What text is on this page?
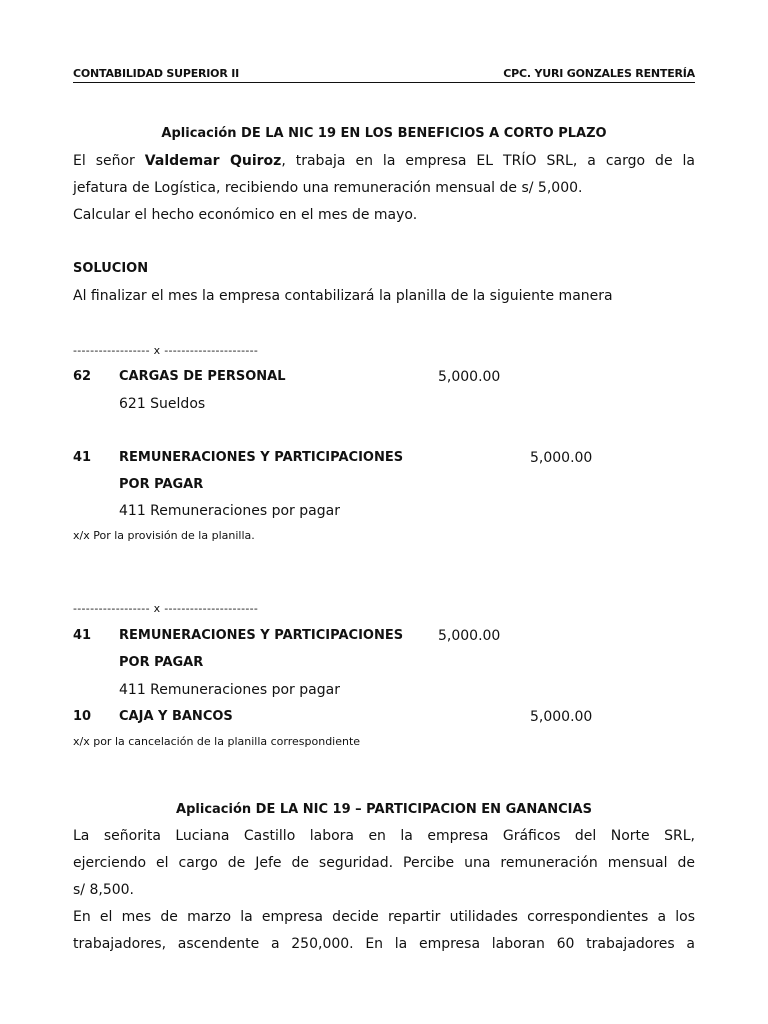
CONTABILIDAD SUPERIOR II	CPC. YURI GONZALES RENTERÍA
Aplicación DE LA NIC 19 EN LOS BENEFICIOS A CORTO PLAZO
El señor Valdemar Quiroz, trabaja en la empresa EL TRÍO SRL, a cargo de la
jefatura de Logística, recibiendo una remuneración mensual de s/ 5,000.
Calcular el hecho económico en el mes de mayo.
SOLUCION
Al finalizar el mes la empresa contabilizará la planilla de la siguiente manera
------------------ x ----------------------
62 CARGAS DE PERSONAL	5,000.00
621 Sueldos
41 REMUNERACIONES Y PARTICIPACIONES	5,000.00
POR PAGAR
411 Remuneraciones por pagar
x/x Por la provisión de la planilla.
------------------ x ----------------------
41 REMUNERACIONES Y PARTICIPACIONES 5,000.00
POR PAGAR
411 Remuneraciones por pagar
10 CAJA Y BANCOS	5,000.00
x/x por la cancelación de la planilla correspondiente
Aplicación DE LA NIC 19 – PARTICIPACION EN GANANCIAS
La señorita Luciana Castillo labora en la empresa Gráficos del Norte SRL,
ejerciendo el cargo de Jefe de seguridad. Percibe una remuneración mensual de
s/ 8,500.
En el mes de marzo la empresa decide repartir utilidades correspondientes a los
trabajadores, ascendente a 250,000. En la empresa laboran 60 trabajadores a
